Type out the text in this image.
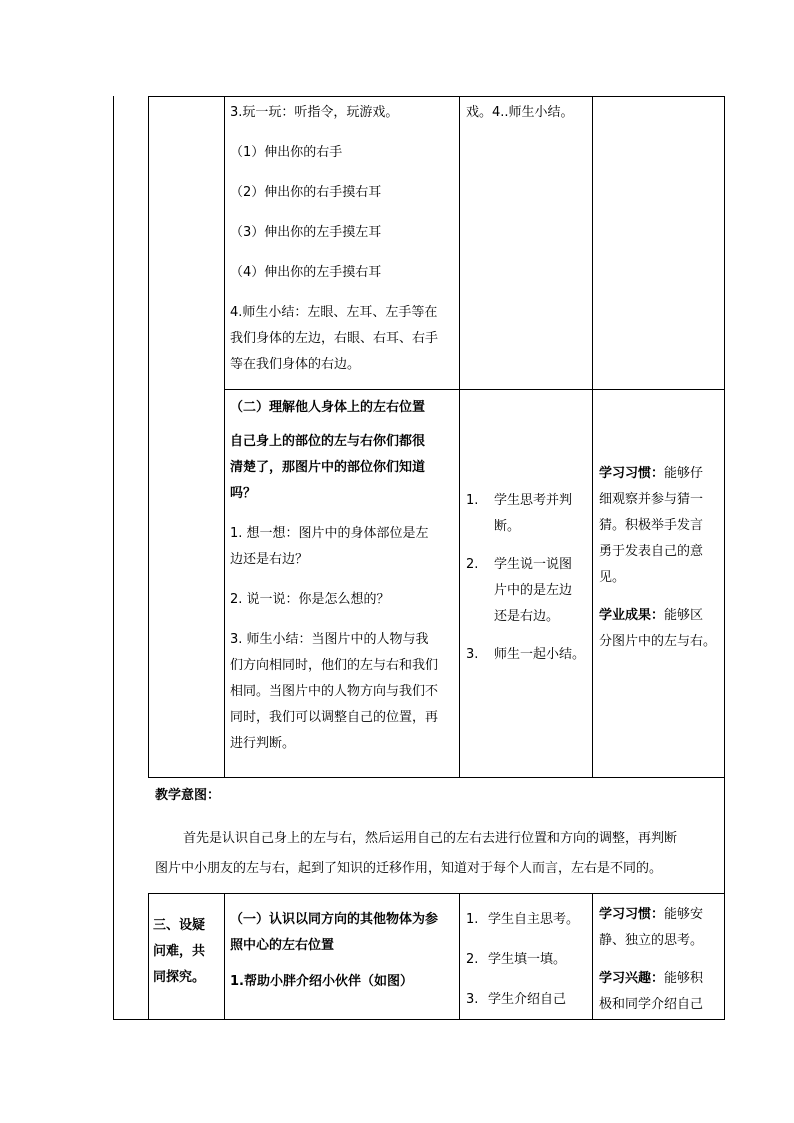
3.玩一玩：听指令，玩游戏。
（1）伸出你的右手
（2）伸出你的右手摸右耳
（3）伸出你的左手摸左耳
（4）伸出你的左手摸右耳
4.师生小结：左眼、左耳、左手等在
我们身体的左边，右眼、右耳、右手
等在我们身体的右边。
戏。4..师生小结。
（二）理解他人身体上的左右位置
自己身上的部位的左与右你们都很
清楚了，那图片中的部位你们知道
吗？
1. 想一想：图片中的身体部位是左
边还是右边？
2. 说一说：你是怎么想的？
3. 师生小结：当图片中的人物与我
们方向相同时，他们的左与右和我们
相同。当图片中的人物方向与我们不
同时，我们可以调整自己的位置，再
进行判断。
1. 学生思考并判
断。
2. 学生说一说图
片中的是左边
还是右边。
3. 师生一起小结。
学习习惯：能够仔
细观察并参与猜一
猜。积极举手发言
勇于发表自己的意
见。
学业成果：能够区
分图片中的左与右。
教学意图：
首先是认识自己身上的左与右，然后运用自己的左右去进行位置和方向的调整，再判断
图片中小朋友的左与右，起到了知识的迁移作用，知道对于每个人而言，左右是不同的。
三、设疑
问难，共
同探究。
（一）认识以同方向的其他物体为参
照中心的左右位置
1.帮助小胖介绍小伙伴（如图）
1. 学生自主思考。
2. 学生填一填。
3. 学生介绍自己
学习习惯：能够安
静、独立的思考。
学习兴趣：能够积
极和同学介绍自己
